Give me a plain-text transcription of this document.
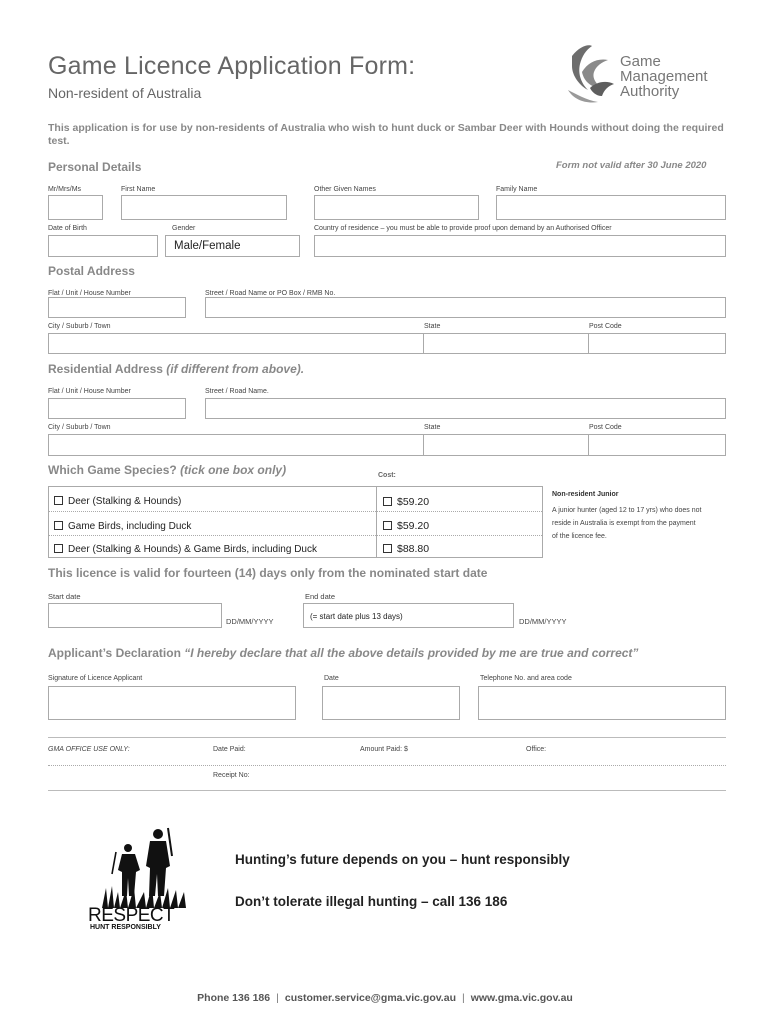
Game Licence Application Form:
Non-resident of Australia
Game
Management
Authority
This application is for use by non-residents of Australia who wish to hunt duck or Sambar Deer with Hounds without doing the required test.
Personal Details	Form not valid after 30 June 2020
Mr/Mrs/Ms	First Name	Other Given Names	Family Name
Date of Birth	Gender	Country of residence – you must be able to provide proof upon demand by an Authorised Officer
Male/Female
Postal Address
Flat / Unit / House Number	Street / Road Name or PO Box / RMB No.
City / Suburb / Town	State	Post Code
Residential Address (if different from above).
Flat / Unit / House Number	Street / Road Name.
City / Suburb / Town	State	Post Code
Which Game Species? (tick one box only)	Cost:
Deer (Stalking & Hounds)	$59.20
Game Birds, including Duck	$59.20
Deer (Stalking & Hounds) & Game Birds, including Duck	$88.80
Non-resident Junior
A junior hunter (aged 12 to 17 yrs) who does not
reside in Australia is exempt from the payment
of the licence fee.
This licence is valid for fourteen (14) days only from the nominated start date
Start date	End date
DD/MM/YYYY
(= start date plus 13 days)
DD/MM/YYYY
Applicant’s Declaration “I hereby declare that all the above details provided by me are true and correct”
Signature of Licence Applicant	Date	Telephone No. and area code
GMA OFFICE USE ONLY:	Date Paid:	Amount Paid: $	Office:
Receipt No:
RESPECT
HUNT RESPONSIBLY
Hunting’s future depends on you – hunt responsibly
Don’t tolerate illegal hunting – call 136 186
Phone 136 186 | customer.service@gma.vic.gov.au | www.gma.vic.gov.au
